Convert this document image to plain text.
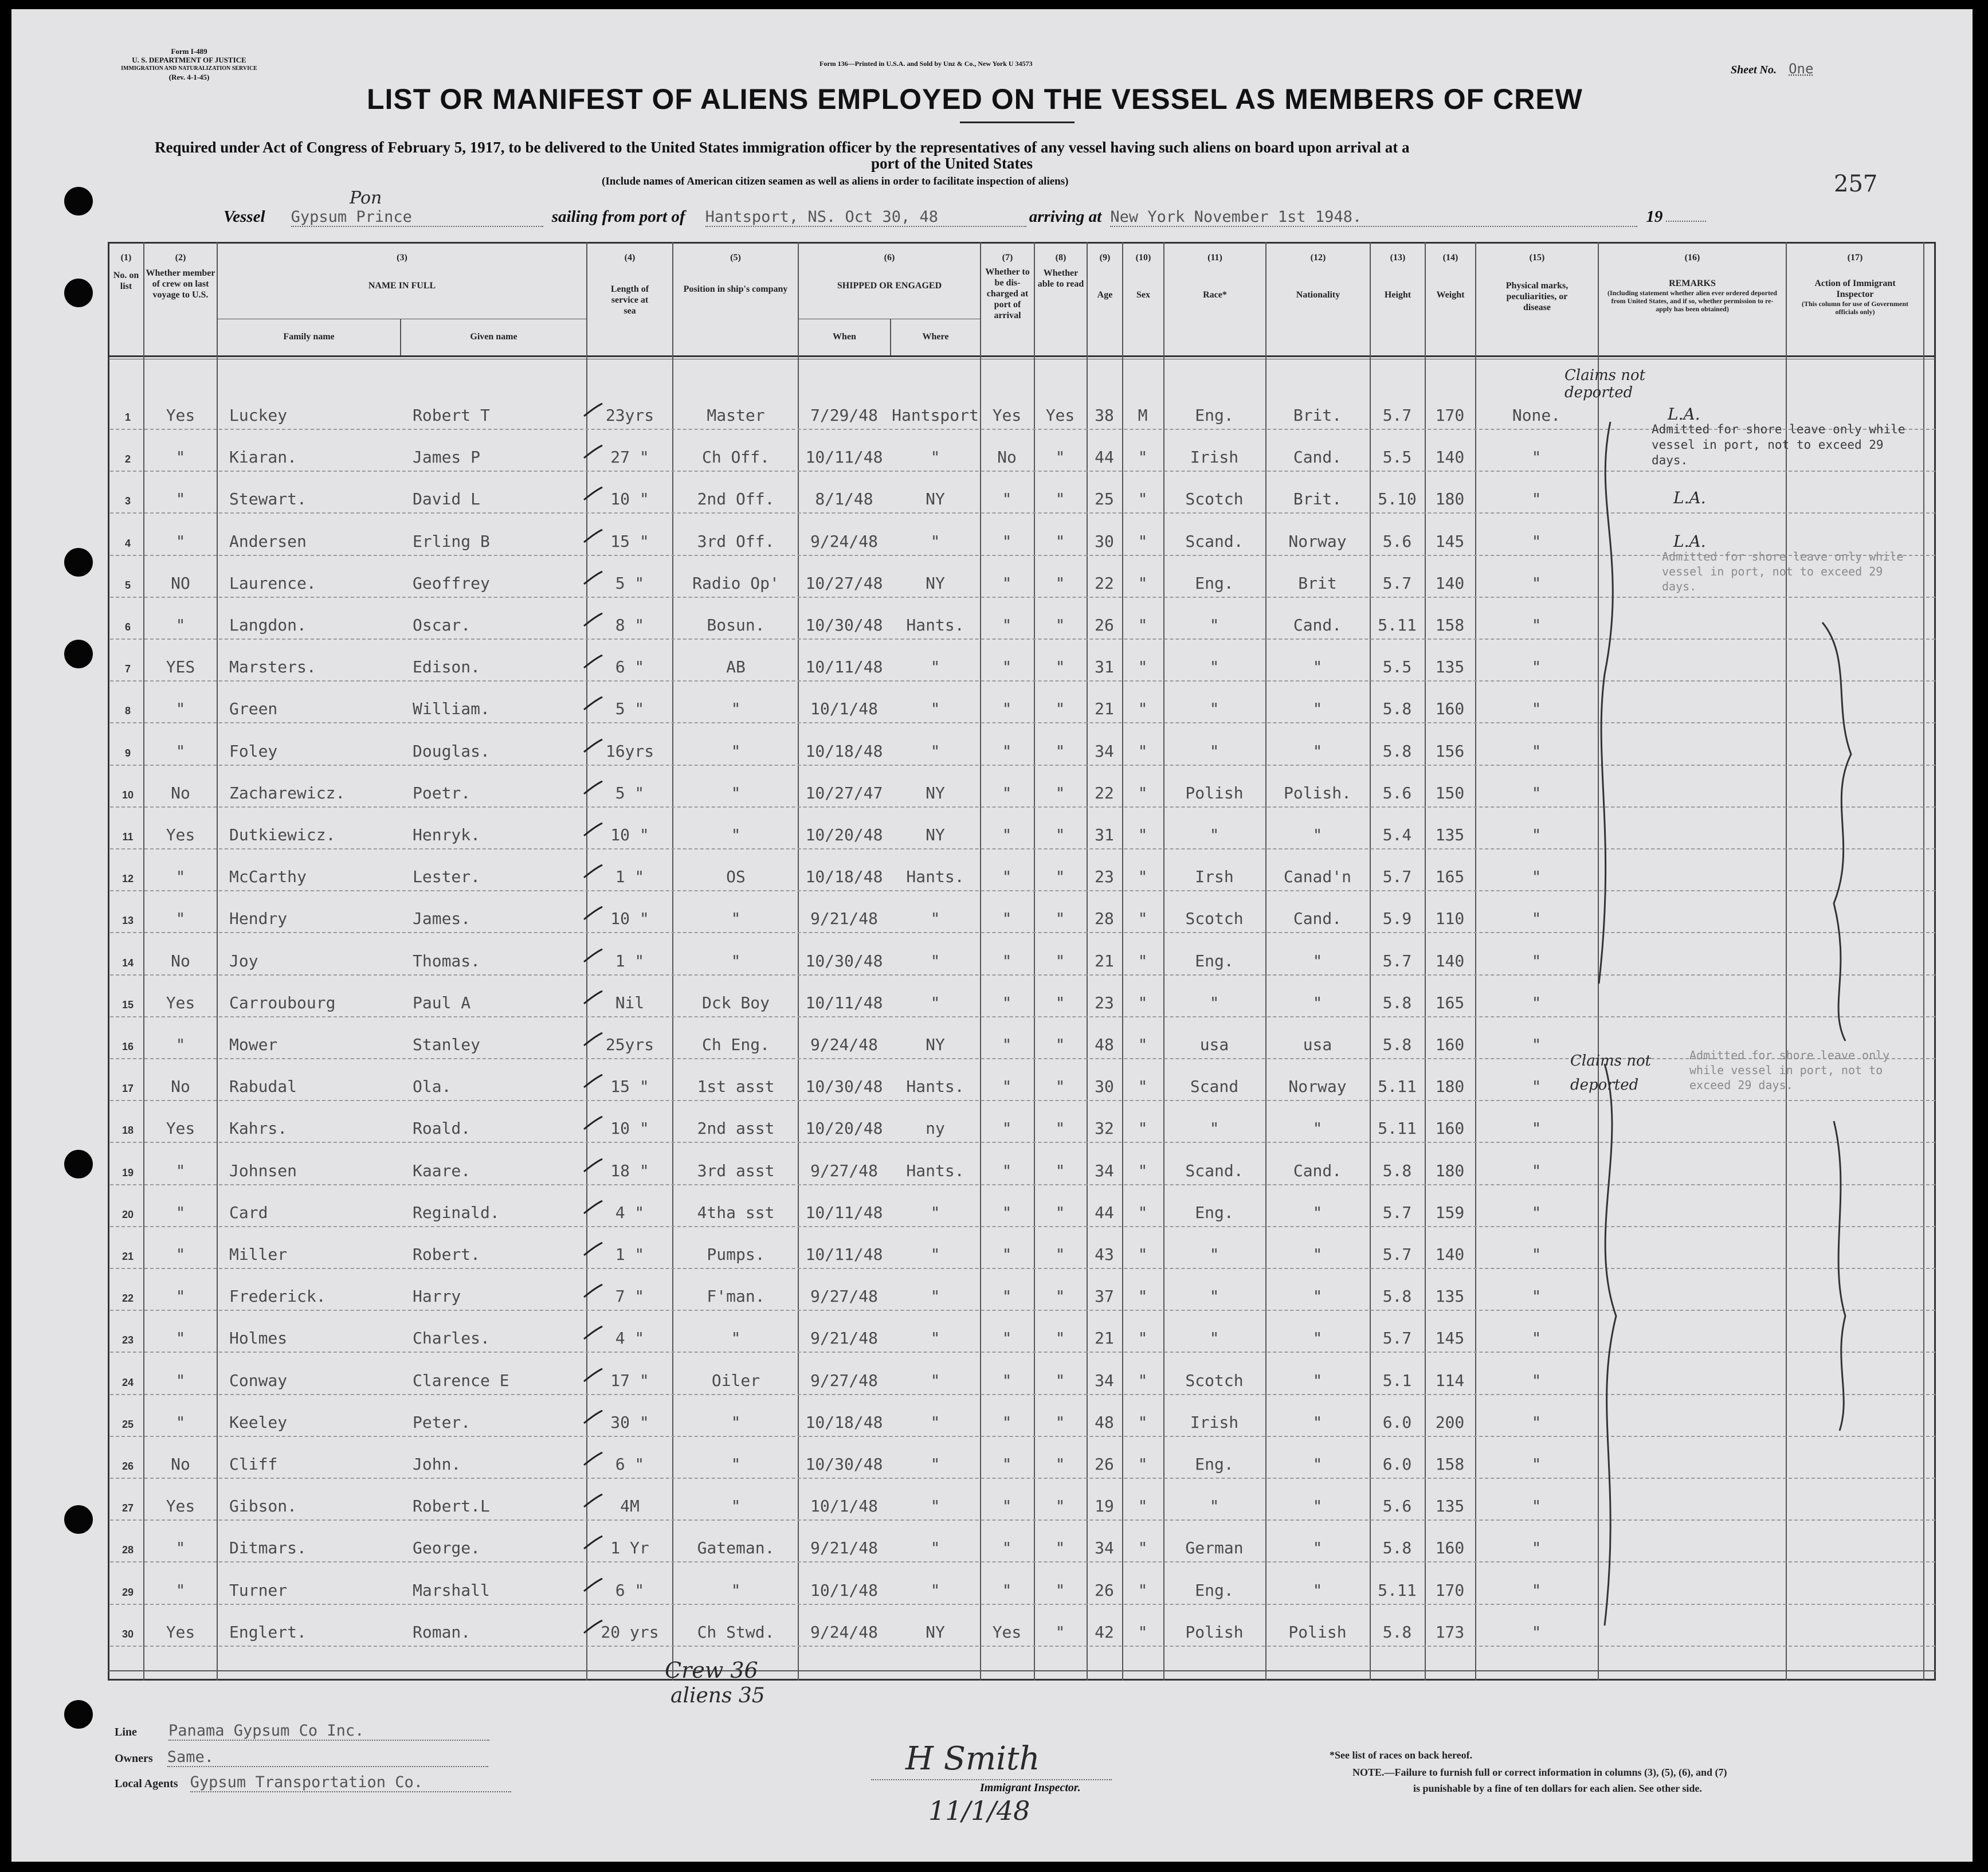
Form I-489
U. S. DEPARTMENT OF JUSTICE
IMMIGRATION AND NATURALIZATION SERVICE
(Rev. 4-1-45)
Form 136—Printed in U.S.A. and Sold by Unz & Co., New York U 34573	Sheet No. One
LIST OR MANIFEST OF ALIENS EMPLOYED ON THE VESSEL AS MEMBERS OF CREW
Required under Act of Congress of February 5, 1917, to be delivered to the United States immigration officer by the representatives of any vessel having such aliens on board upon arrival at a
port of the United States
(Include names of American citizen seamen as well as aliens in order to facilitate inspection of aliens)	257
Vessel Gypsum Prince	sailing from port of Hantsport, NS. Oct 30, 48	arriving at New York November 1st 1948.	19
Pon
(1)
No. on list
(2)
Whether member of crew on last voyage to U.S.
(3)
NAME IN FULL
Family name	Given name
(4)
Length of service at sea
(5)
Position in ship's company
(6)
SHIPPED OR ENGAGED
When	Where
(7)
Whether to be dis- charged at port of arrival
(8)
Whether able to read
(9)
Age
(10)
Sex
(11)
Race*
(12)
Nationality
(13)
Height
(14)
Weight
(15)
Physical marks, peculiarities, or disease
(16)
REMARKS
(Including statement whether alien ever ordered deported from United States, and if so, whether permission to re- apply has been obtained)
(17)
Action of Immigrant Inspector
(This column for use of Government officials only)
1	Yes	Luckey	Robert T	23yrs	Master	7/29/48 Hantsport Yes	Yes	38	M	Eng.	Brit.	5.7	170	None.
2	"	Kiaran.	James P	27 "	Ch Off.	10/11/48	"	No	"	44	"	Irish	Cand.	5.5	140	"
3	"	Stewart.	David L	10 "	2nd Off.	8/1/48	NY	"	"	25	"	Scotch	Brit.	5.10	180	"
4	"	Andersen	Erling B	15 "	3rd Off.	9/24/48	"	"	"	30	"	Scand.	Norway	5.6	145	"
5	NO	Laurence.	Geoffrey	5 "	Radio Op'	10/27/48	NY	"	"	22	"	Eng.	Brit	5.7	140	"
6	"	Langdon.	Oscar.	8 "	Bosun.	10/30/48	Hants.	"	"	26	"	"	Cand.	5.11	158	"
7	YES	Marsters.	Edison.	6 "	AB	10/11/48	"	"	"	31	"	"	"	5.5	135	"
8	"	Green	William.	5 "	"	10/1/48	"	"	"	21	"	"	"	5.8	160	"
9	"	Foley	Douglas.	16yrs	"	10/18/48	"	"	"	34	"	"	"	5.8	156	"
10	No	Zacharewicz.	Poetr.	5 "	"	10/27/47	NY	"	"	22	"	Polish	Polish.	5.6	150	"
11	Yes	Dutkiewicz.	Henryk.	10 "	"	10/20/48	NY	"	"	31	"	"	"	5.4	135	"
12	"	McCarthy	Lester.	1 "	OS	10/18/48	Hants.	"	"	23	"	Irsh	Canad'n	5.7	165	"
13	"	Hendry	James.	10 "	"	9/21/48	"	"	"	28	"	Scotch	Cand.	5.9	110	"
14	No	Joy	Thomas.	1 "	"	10/30/48	"	"	"	21	"	Eng.	"	5.7	140	"
15	Yes	Carroubourg	Paul A	Nil	Dck Boy	10/11/48	"	"	"	23	"	"	"	5.8	165	"
16	"	Mower	Stanley	25yrs	Ch Eng.	9/24/48	NY	"	"	48	"	usa	usa	5.8	160	"
17	No	Rabudal	Ola.	15 "	1st asst	10/30/48	Hants.	"	"	30	"	Scand	Norway	5.11	180	"
18	Yes	Kahrs.	Roald.	10 "	2nd asst	10/20/48	ny	"	"	32	"	"	"	5.11	160	"
19	"	Johnsen	Kaare.	18 "	3rd asst	9/27/48	Hants.	"	"	34	"	Scand.	Cand.	5.8	180	"
20	"	Card	Reginald.	4 "	4tha sst	10/11/48	"	"	"	44	"	Eng.	"	5.7	159	"
21	"	Miller	Robert.	1 "	Pumps.	10/11/48	"	"	"	43	"	"	"	5.7	140	"
22	"	Frederick.	Harry	7 "	F'man.	9/27/48	"	"	"	37	"	"	"	5.8	135	"
23	"	Holmes	Charles.	4 "	"	9/21/48	"	"	"	21	"	"	"	5.7	145	"
24	"	Conway	Clarence E	17 "	Oiler	9/27/48	"	"	"	34	"	Scotch	"	5.1	114	"
25	"	Keeley	Peter.	30 "	"	10/18/48	"	"	"	48	"	Irish	"	6.0	200	"
26	No	Cliff	John.	6 "	"	10/30/48	"	"	"	26	"	Eng.	"	6.0	158	"
27	Yes	Gibson.	Robert.L	4M	"	10/1/48	"	"	"	19	"	"	"	5.6	135	"
28	"	Ditmars.	George.	1 Yr	Gateman.	9/21/48	"	"	"	34	"	German	"	5.8	160	"
29	"	Turner	Marshall	6 "	"	10/1/48	"	"	"	26	"	Eng.	"	5.11	170	"
30	Yes	Englert.	Roman.	20 yrs	Ch Stwd.	9/24/48	NY	Yes	"	42	"	Polish	Polish	5.8	173	"
Claims not deported
L.A.
Admitted for shore leave only while vessel in port, not to exceed 29 days.
L.A.
L.A.
Admitted for shore leave only while vessel in port, not to exceed 29 days.
Claims not deported
Admitted for shore leave only while vessel in port, not to exceed 29 days.
Crew 36
aliens 35
Line Panama Gypsum Co Inc.
Owners Same.
Local Agents Gypsum Transportation Co.
H Smith
Immigrant Inspector.
11/1/48
*See list of races on back hereof.
NOTE.—Failure to furnish full or correct information in columns (3), (5), (6), and (7)
is punishable by a fine of ten dollars for each alien. See other side.
